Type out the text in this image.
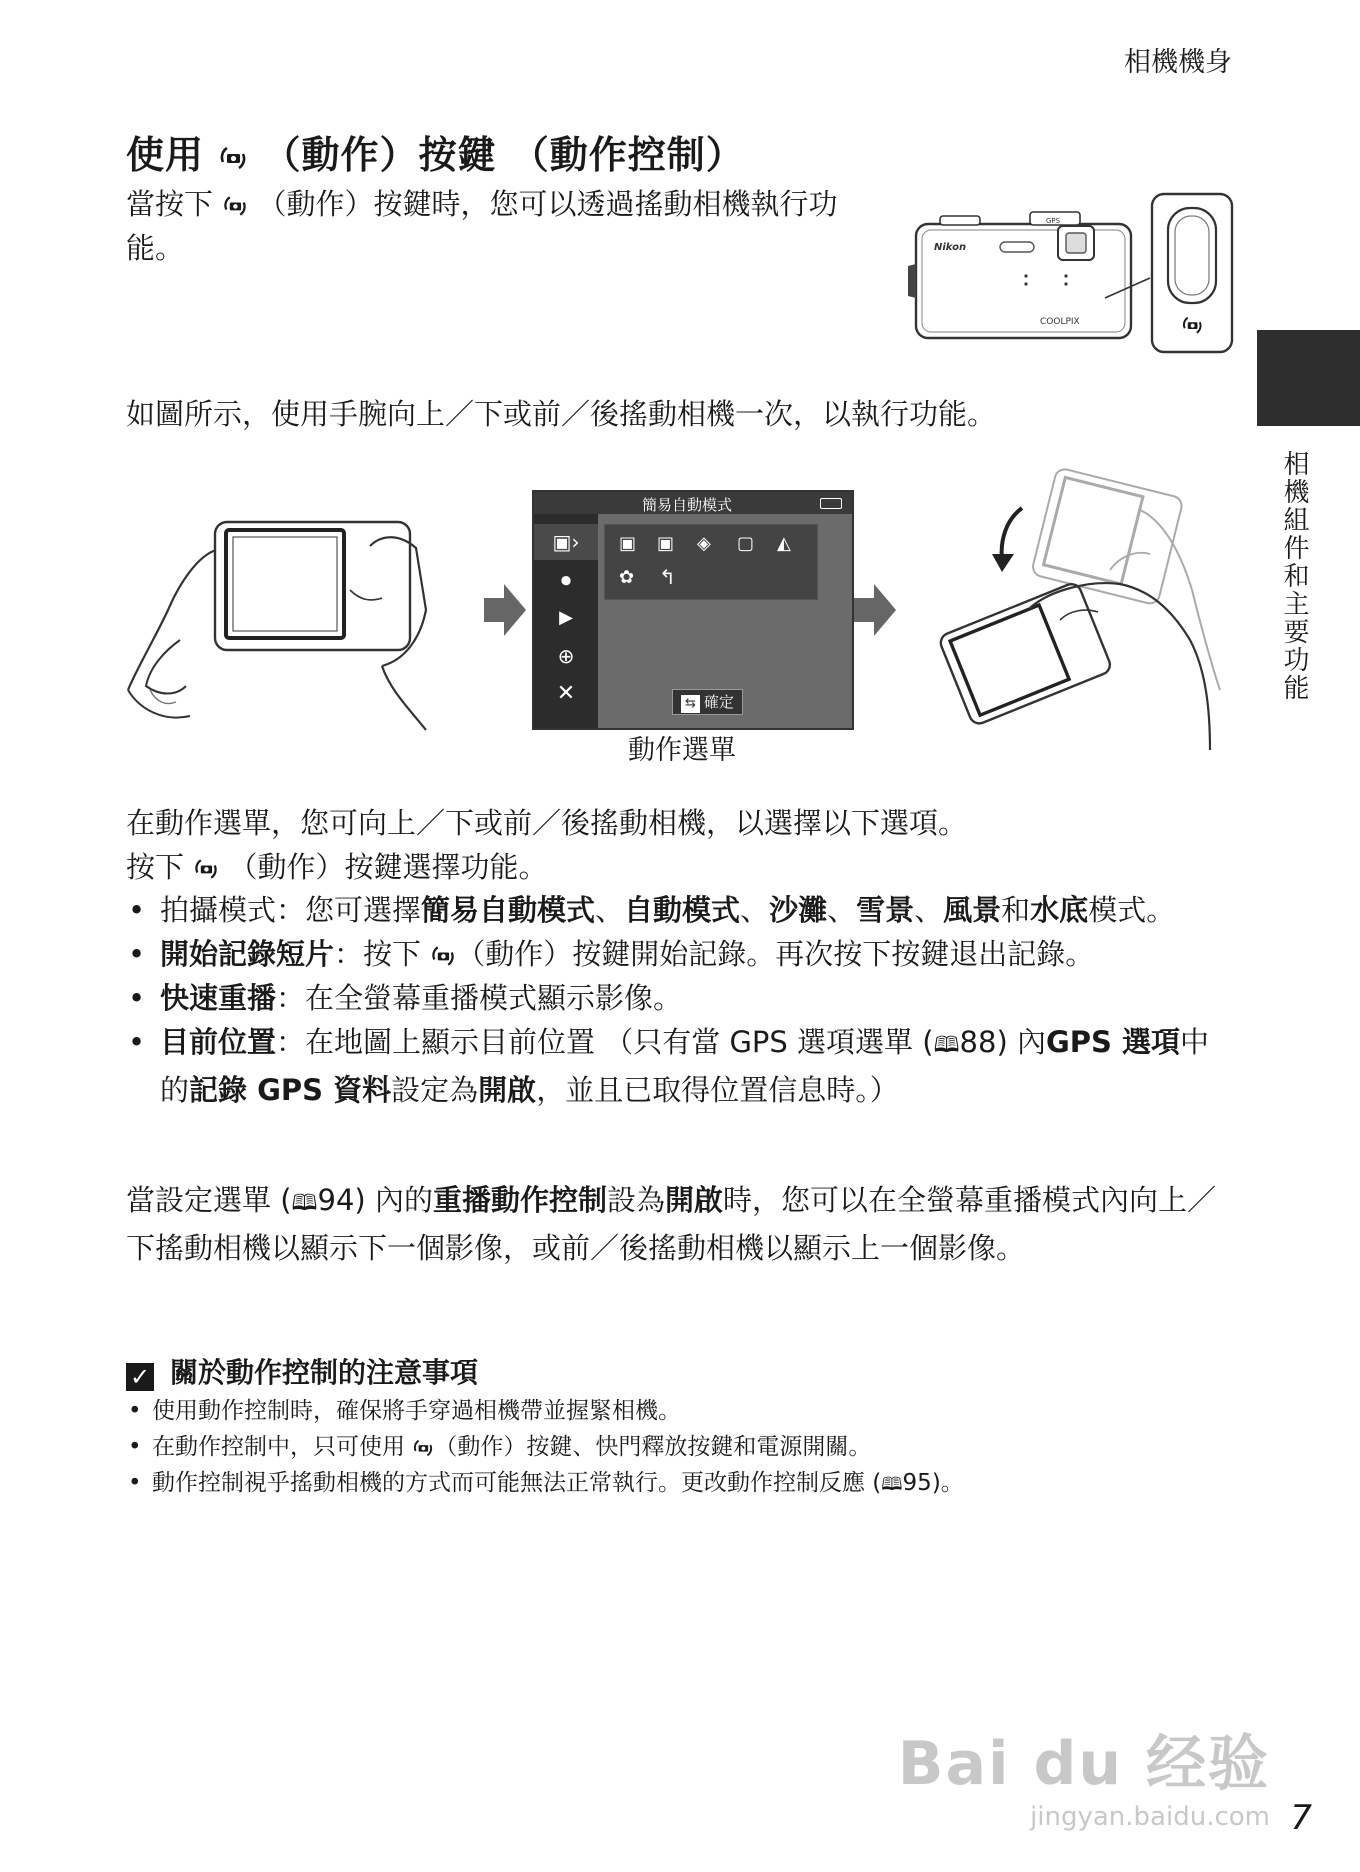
相機機身
使用 （動作）按鍵 （動作控制）
當按下 （動作）按鍵時，您可以透過搖動相機執行功能。
GPS
Nikon
COOLPIX
相機組件和主要功能
如圖所示，使用手腕向上／下或前／後搖動相機一次，以執行功能。
簡易自動模式
▣›
⏺
▶
⊕
✕
▣ ▣ ◈ ▢ ◭
✿ ↰
⇆ 確定
動作選單
在動作選單，您可向上／下或前／後搖動相機，以選擇以下選項。
按下 （動作）按鍵選擇功能。
• 拍攝模式：您可選擇簡易自動模式、自動模式、沙灘、雪景、風景和水底模式。
• 開始記錄短片：按下 （動作）按鍵開始記錄。再次按下按鍵退出記錄。
• 快速重播：在全螢幕重播模式顯示影像。
• 目前位置：在地圖上顯示目前位置 （只有當 GPS 選項選單 (🕮88) 內GPS 選項中的記錄 GPS 資料設定為開啟，並且已取得位置信息時。）
當設定選單 (🕮94) 內的重播動作控制設為開啟時，您可以在全螢幕重播模式內向上／下搖動相機以顯示下一個影像，或前／後搖動相機以顯示上一個影像。
✓ 關於動作控制的注意事項
• 使用動作控制時，確保將手穿過相機帶並握緊相機。
• 在動作控制中，只可使用 （動作）按鍵、快門釋放按鍵和電源開關。
• 動作控制視乎搖動相機的方式而可能無法正常執行。更改動作控制反應 (🕮95)。
Bai du 经验
jingyan.baidu.com 7
